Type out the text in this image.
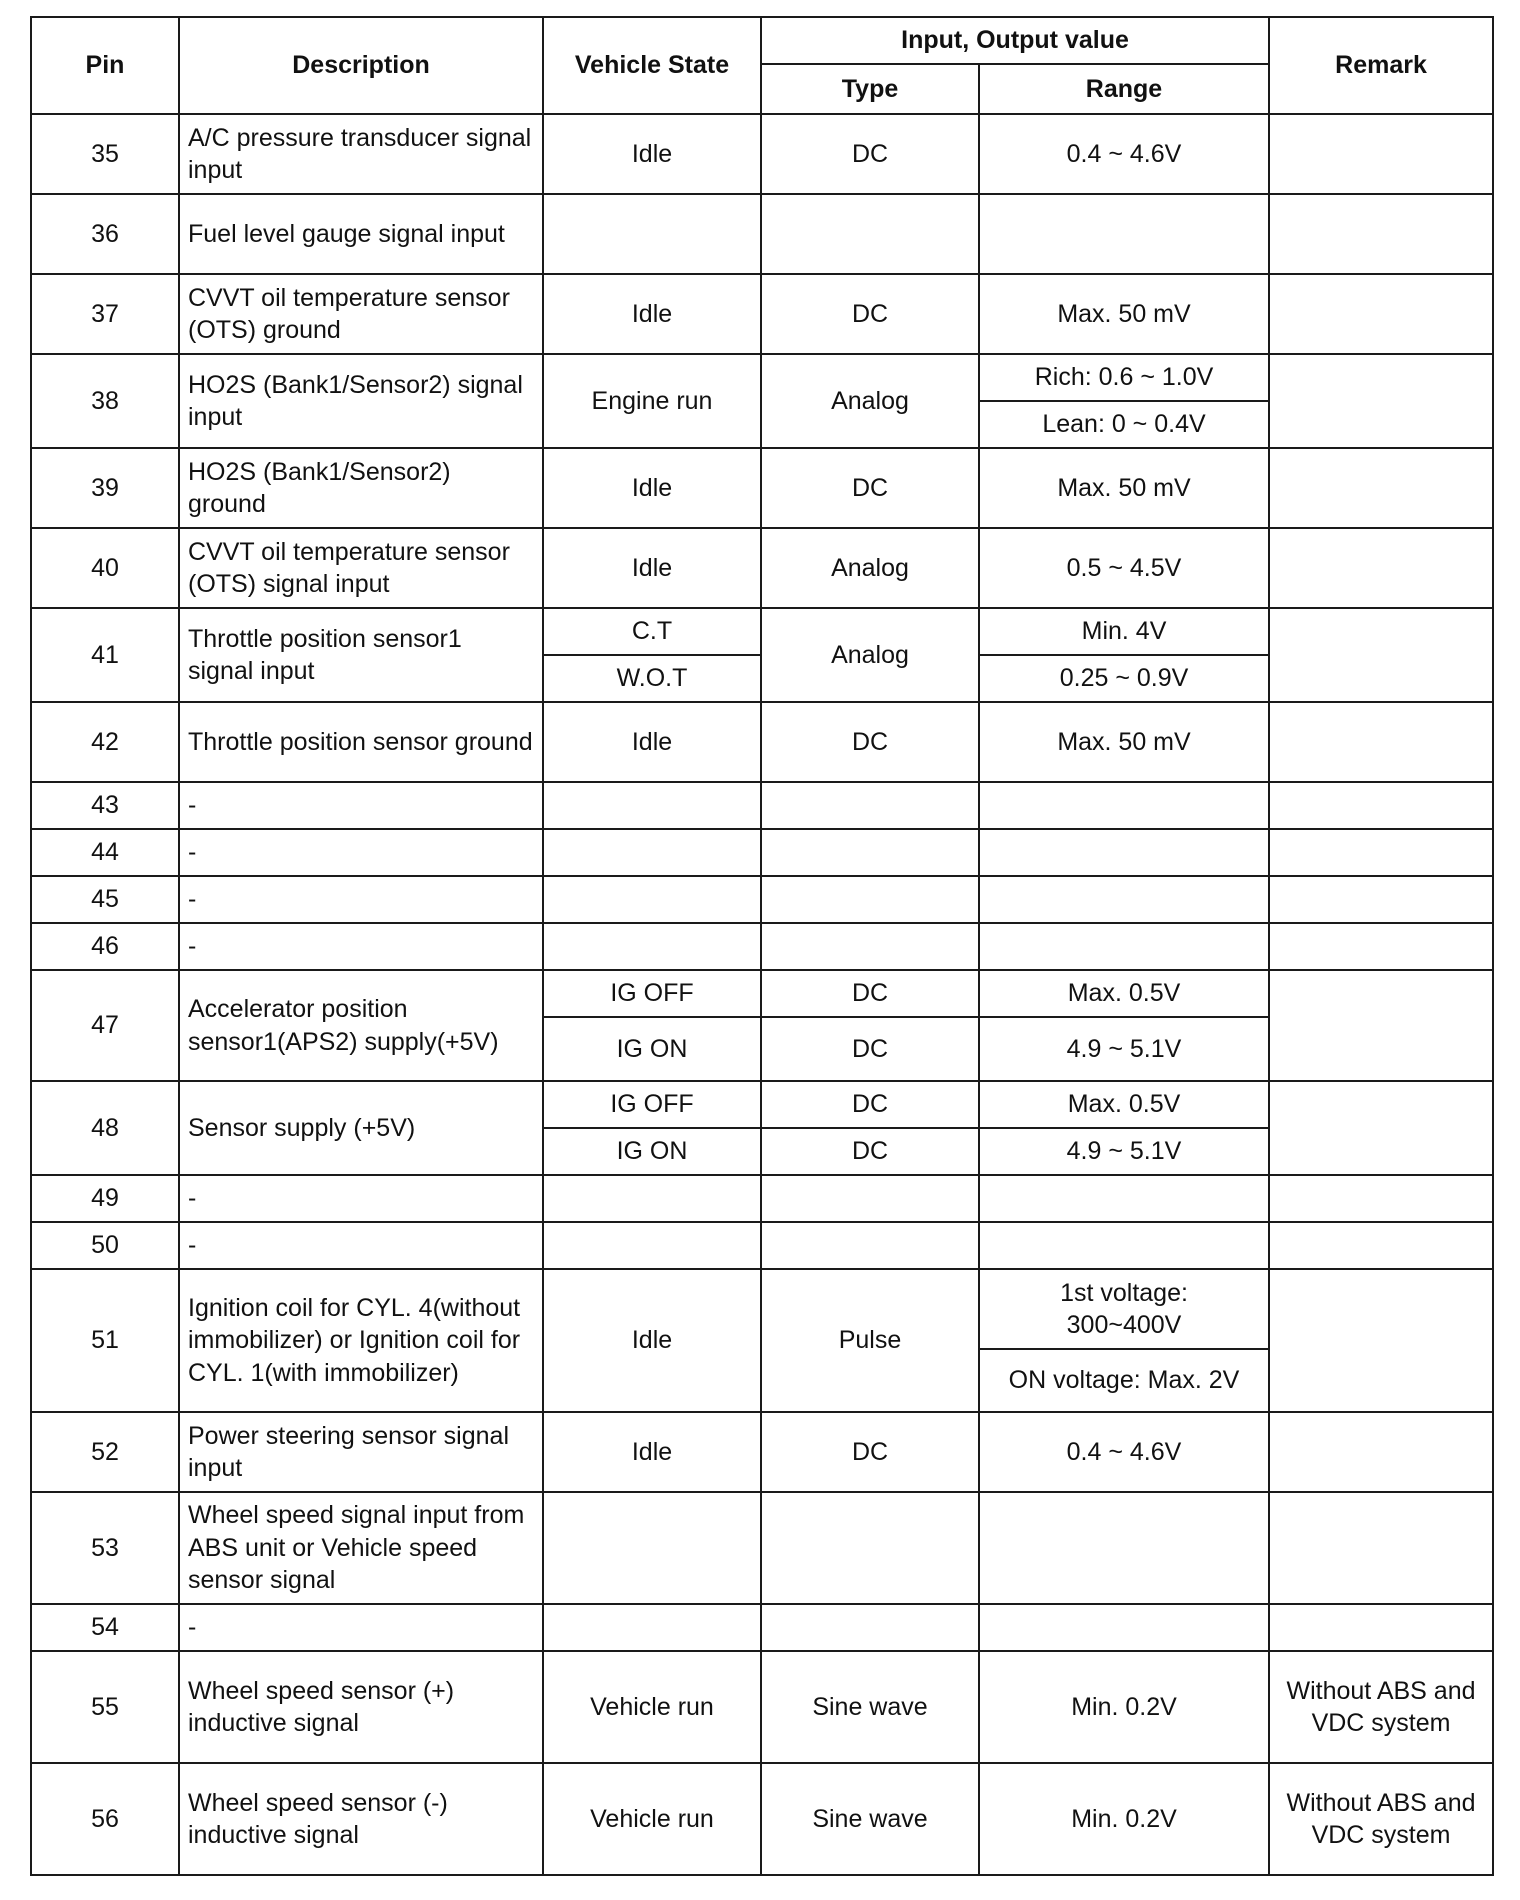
Pin	Description	Vehicle State	Input, Output value		Remark
			Type	Range	
35	A/C pressure transducer signal input	Idle	DC	0.4 ~ 4.6V	
36	Fuel level gauge signal input				
37	CVVT oil temperature sensor (OTS) ground	Idle	DC	Max. 50 mV	
38	HO2S (Bank1/Sensor2) signal input	Engine run	Analog	Rich: 0.6 ~ 1.0V	
				Lean: 0 ~ 0.4V	
39	HO2S (Bank1/Sensor2) ground	Idle	DC	Max. 50 mV	
40	CVVT oil temperature sensor (OTS) signal input	Idle	Analog	0.5 ~ 4.5V	
41	Throttle position sensor1 signal input	C.T	Analog	Min. 4V	
		W.O.T		0.25 ~ 0.9V	
42	Throttle position sensor ground	Idle	DC	Max. 50 mV	
43	-				
44	-				
45	-				
46	-				
47	Accelerator position sensor1(APS2) supply(+5V)	IG OFF	DC	Max. 0.5V	
		IG ON	DC	4.9 ~ 5.1V	
48	Sensor supply (+5V)	IG OFF	DC	Max. 0.5V	
		IG ON	DC	4.9 ~ 5.1V	
49	-				
50	-				
51	Ignition coil for CYL. 4(without immobilizer) or Ignition coil for CYL. 1(with immobilizer)	Idle	Pulse	1st voltage:
300~400V	
				ON voltage: Max. 2V	
52	Power steering sensor signal input	Idle	DC	0.4 ~ 4.6V	
53	Wheel speed signal input from ABS unit or Vehicle speed sensor signal				
54	-				
55	Wheel speed sensor (+) inductive signal	Vehicle run	Sine wave	Min. 0.2V	Without ABS and VDC system
56	Wheel speed sensor (-) inductive signal	Vehicle run	Sine wave	Min. 0.2V	Without ABS and VDC system
